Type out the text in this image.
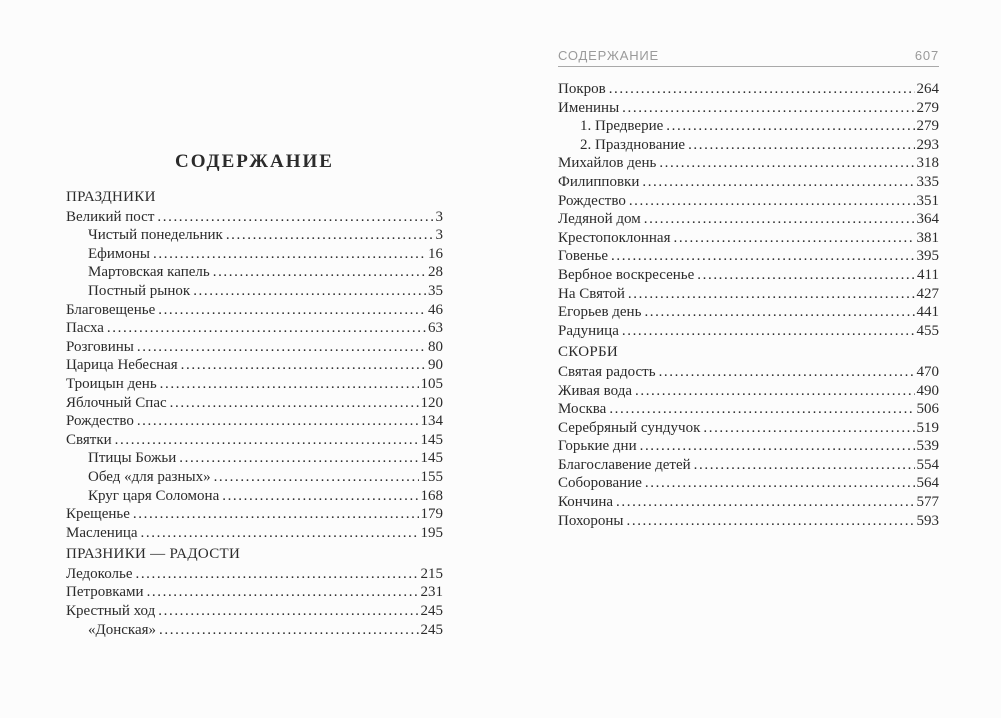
СОДЕРЖАНИЕ
ПРАЗДНИКИ
Великий пост .....	3
Чистый понедельник .....	3
Ефимоны .....	16
Мартовская капель .....	28
Постный рынок .....	35
Благовещенье .....	46
Пасха .....	63
Розговины .....	80
Царица Небесная .....	90
Троицын день .....	105
Яблочный Спас .....	120
Рождество .....	134
Святки .....	145
Птицы Божьи .....	145
Обед «для разных» .....	155
Круг царя Соломона .....	168
Крещенье .....	179
Масленица .....	195
ПРАЗНИКИ — РАДОСТИ
Ледоколье .....	215
Петровками .....	231
Крестный ход .....	245
«Донская» .....	245
СОДЕРЖАНИЕ	607
Покров .....	264
Именины .....	279
1. Предверие .....	279
2. Празднование .....	293
Михайлов день .....	318
Филипповки .....	335
Рождество .....	351
Ледяной дом .....	364
Крестопоклонная .....	381
Говенье .....	395
Вербное воскресенье .....	411
На Святой .....	427
Егорьев день .....	441
Радуница .....	455
СКОРБИ
Святая радость .....	470
Живая вода .....	490
Москва .....	506
Серебряный сундучок .....	519
Горькие дни .....	539
Благославение детей .....	554
Соборование .....	564
Кончина .....	577
Похороны .....	593
